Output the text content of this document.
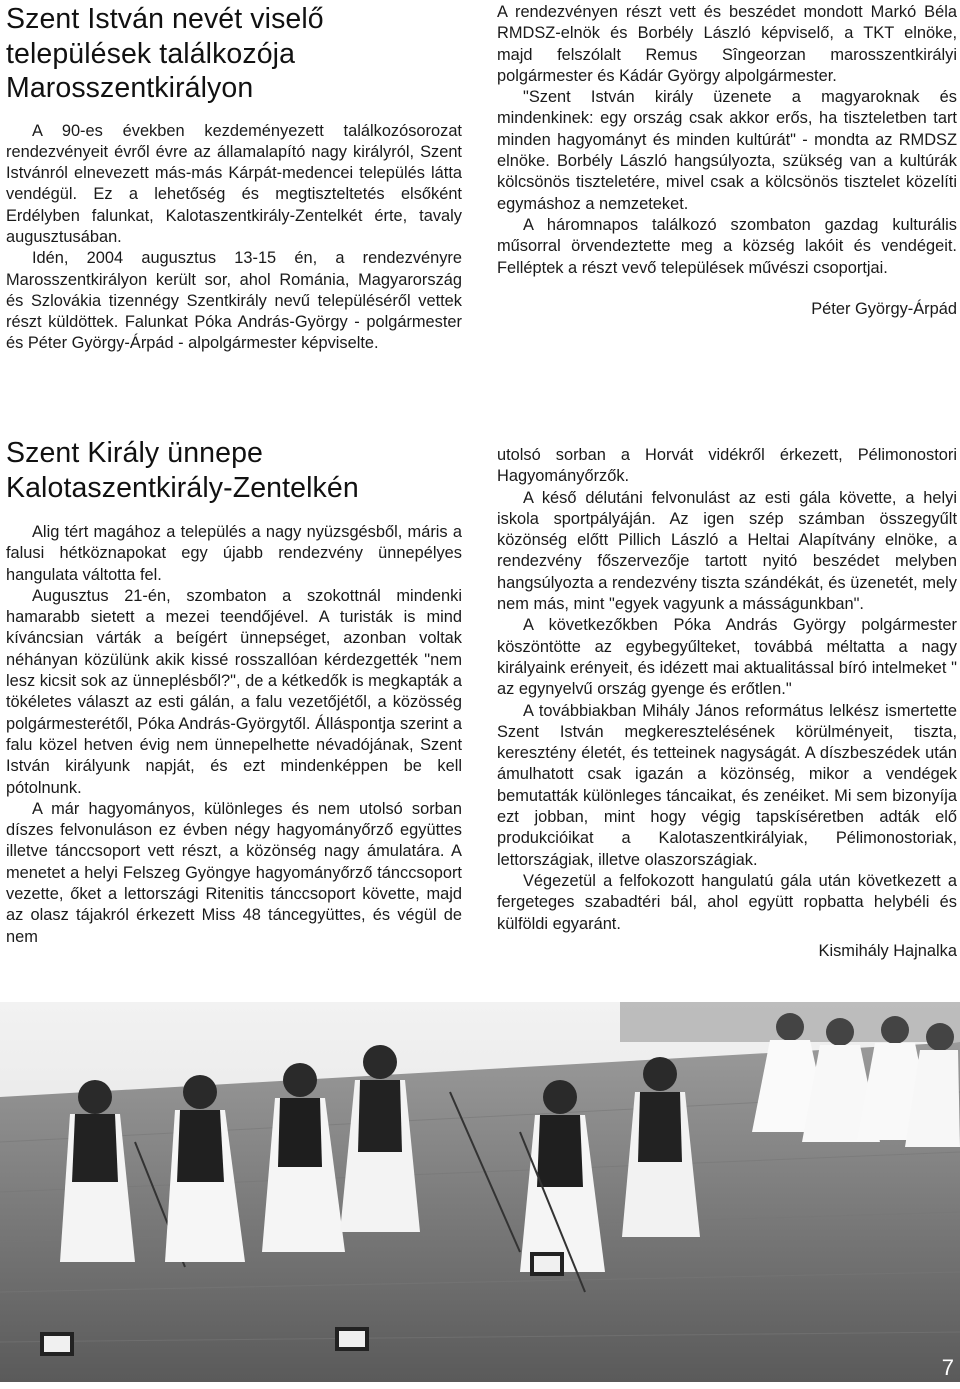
Szent István nevét viselő települések találkozója Marosszentkirályon

A 90-es években kezdeményezett találkozósorozat rendezvényeit évről évre az államalapító nagy királyról, Szent Istvánról elnevezett más-más Kárpát-medencei település látta vendégül. Ez a lehetőség és megtiszteltetés elsőként Erdélyben falunkat, Kalotaszentkirály-Zentelkét érte, tavaly augusztusában.

Idén, 2004 augusztus 13-15 én, a rendezvényre Marosszentkirályon került sor, ahol Románia, Magyarország és Szlovákia tizennégy Szentkirály nevű településéről vettek részt küldöttek. Falunkat Póka András-György - polgármester és Péter György-Árpád - alpolgármester képviselte.

A rendezvényen részt vett és beszédet mondott Markó Béla RMDSZ-elnök és Borbély László képviselő, a TKT elnöke, majd felszólalt Remus Sîngeorzan marosszentkirályi polgármester és Kádár György alpolgármester.

"Szent István király üzenete a magyaroknak és mindenkinek: egy ország csak akkor erős, ha tiszteletben tart minden hagyományt és minden kultúrát" - mondta az RMDSZ elnöke. Borbély László hangsúlyozta, szükség van a kultúrák kölcsönös tiszteletére, mivel csak a kölcsönös tisztelet közelíti egymáshoz a nemzeteket.

A háromnapos találkozó szombaton gazdag kulturális műsorral örvendeztette meg a község lakóit és vendégeit. Felléptek a részt vevő települések művészi csoportjai.

Péter György-Árpád
Szent Király ünnepe Kalotaszentkirály-Zentelkén

Alig tért magához a település a nagy nyüzsgésből, máris a falusi hétköznapokat egy újabb rendezvény ünnepélyes hangulata váltotta fel.

Augusztus 21-én, szombaton a szokottnál mindenki hamarabb sietett a mezei teendőjével. A turisták is mind kíváncsian várták a beígért ünnepséget, azonban voltak néhányan közülünk akik kissé rosszallóan kérdezgették "nem lesz kicsit sok az ünneplésből?", de a kétkedők is megkapták a tökéletes választ az esti gálán, a falu vezetőjétől, a közösség polgármesterétől, Póka András-Györgytől. Álláspontja szerint a falu közel hetven évig nem ünnepelhette névadójának, Szent István királyunk napját, és ezt mindenképpen be kell pótolnunk.

A már hagyományos, különleges és nem utolsó sorban díszes felvonuláson ez évben négy hagyományőrző együttes illetve tánccsoport vett részt, a közönség nagy ámulatára. A menetet a helyi Felszeg Gyöngye hagyományőrző tánccsoport vezette, őket a lettországi Ritenitis tánccsoport követte, majd az olasz tájakról érkezett Miss 48 táncegyüttes, és végül de nem

utolsó sorban a Horvát vidékről érkezett, Pélimonostori Hagyományőrzők.

A késő délutáni felvonulást az esti gála követte, a helyi iskola sportpályáján. Az igen szép számban összegyűlt közönség előtt Pillich László a Heltai Alapítvány elnöke, a rendezvény főszervezője tartott nyitó beszédet melyben hangsúlyozta a rendezvény tiszta szándékát, és üzenetét, mely nem más, mint "egyek vagyunk a másságunkban".

A következőkben Póka András György polgármester köszöntötte az egybegyűlteket, továbbá méltatta a nagy királyaink erényeit, és idézett mai aktualitással bíró intelmeket " az egynyelvű ország gyenge és erőtlen."

A továbbiakban Mihály János református lelkész ismertette Szent István megkeresztelésének körülményeit, tiszta, keresztény életét, és tetteinek nagyságát. A díszbeszédek után ámulhatott csak igazán a közönség, mikor a vendégek bemutatták különleges táncaikat, és zenéiket. Mi sem bizonyíja ezt jobban, mint hogy végig tapskíséretben adták elő produkcióikat a Kalotaszentkirályiak, Pélimonostoriak, lettországiak, illetve olaszországiak.

Végezetül a felfokozott hangulatú gála után következett a fergeteges szabadtéri bál, ahol együtt ropbatta helybéli és külföldi egyaránt.

Kismihály Hajnalka
7
